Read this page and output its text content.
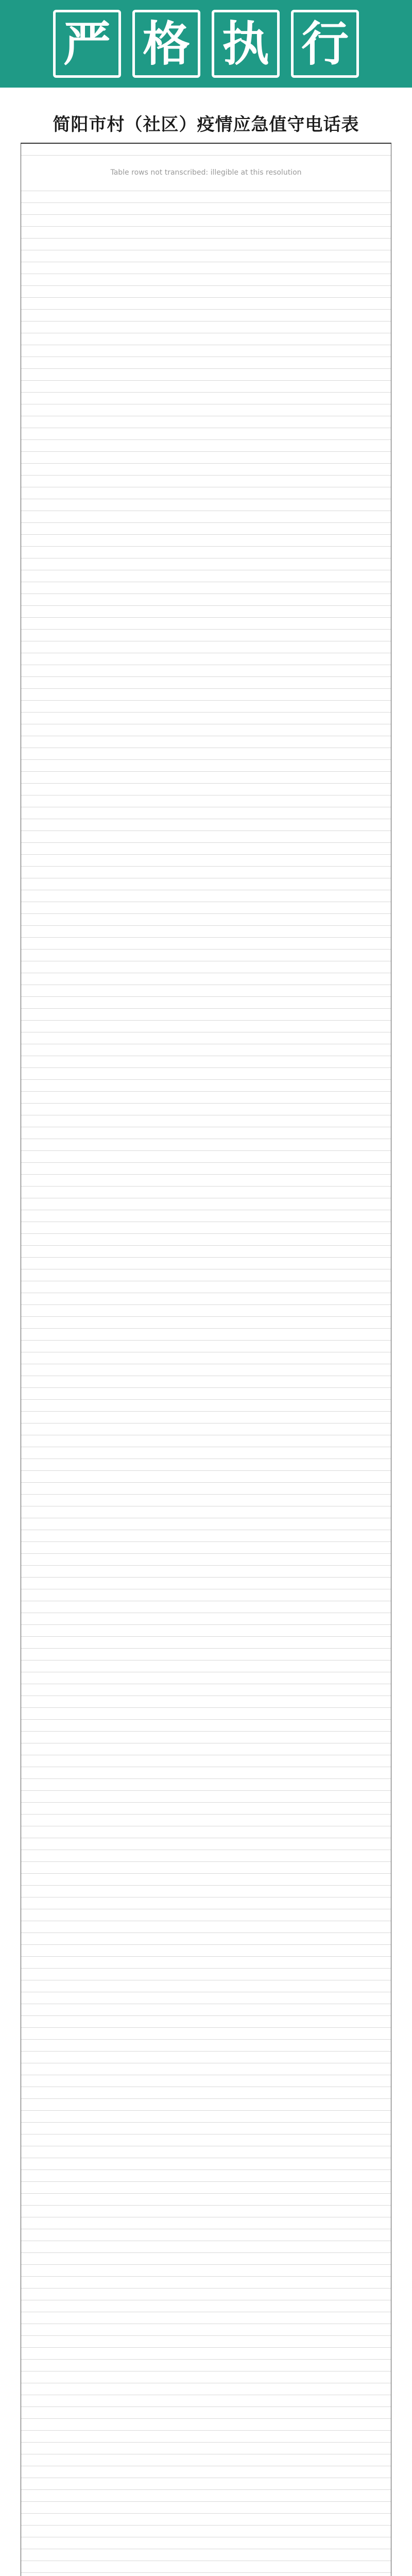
严 格 执 行
简阳市村（社区）疫情应急值守电话表
Table rows not transcribed: illegible at this resolution
